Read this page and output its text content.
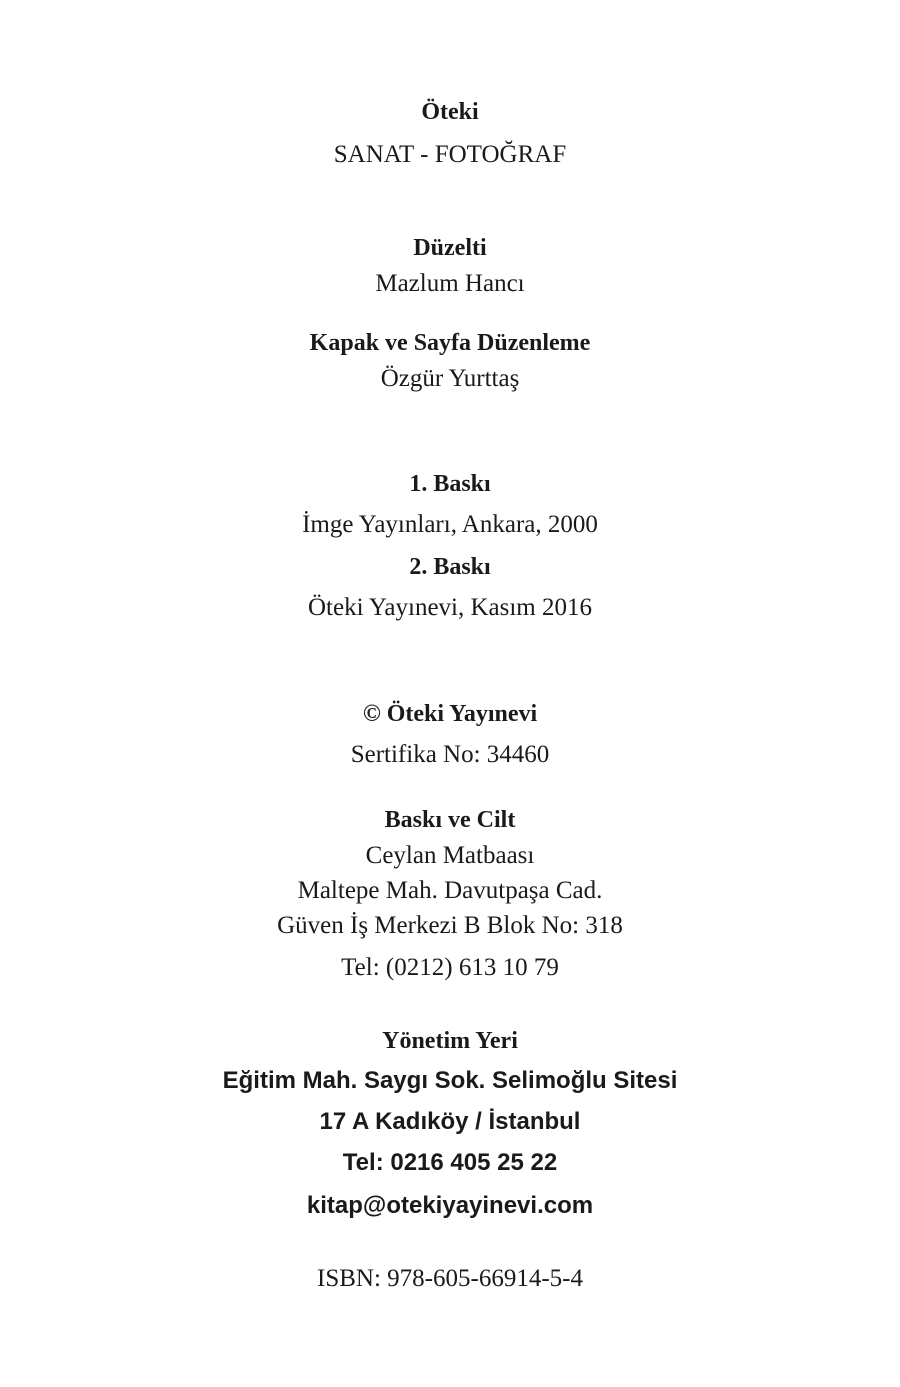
Öteki
SANAT - FOTOĞRAF
Düzelti
Mazlum Hancı
Kapak ve Sayfa Düzenleme
Özgür Yurttaş
1. Baskı
İmge Yayınları, Ankara, 2000
2. Baskı
Öteki Yayınevi, Kasım 2016
© Öteki Yayınevi
Sertifika No: 34460
Baskı ve Cilt
Ceylan Matbaası
Maltepe Mah. Davutpaşa Cad.
Güven İş Merkezi B Blok No: 318
Tel: (0212) 613 10 79
Yönetim Yeri
Eğitim Mah. Saygı Sok. Selimoğlu Sitesi
17 A Kadıköy / İstanbul
Tel: 0216 405 25 22
kitap@otekiyayinevi.com
ISBN: 978-605-66914-5-4
